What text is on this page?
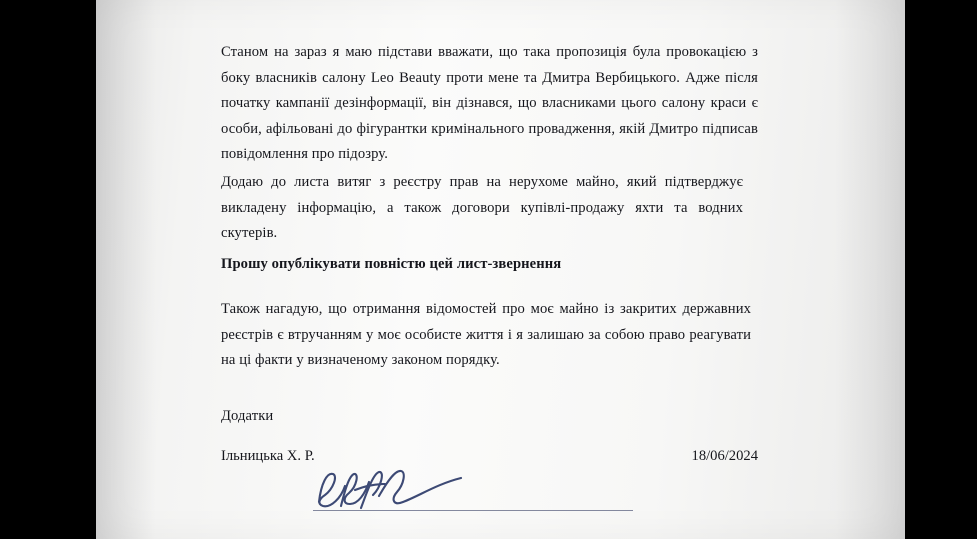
Станом на зараз я маю підстави вважати, що така пропозиція була провокацією з боку власників салону Leo Beauty проти мене та Дмитра Вербицького. Адже після початку кампанії дезінформації, він дізнався, що власниками цього салону краси є особи, афільовані до фігурантки кримінального провадження, якій Дмитро підписав повідомлення про підозру.

Додаю до листа витяг з реєстру прав на нерухоме майно, який підтверджує викладену інформацію, а також договори купівлі-продажу яхти та водних скутерів.

Прошу опублікувати повністю цей лист-звернення

Також нагадую, що отримання відомостей про моє майно із закритих державних реєстрів є втручанням у моє особисте життя і я залишаю за собою право реагувати на ці факти у визначеному законом порядку.

Додатки

Ільницька Х. Р.	18/06/2024
